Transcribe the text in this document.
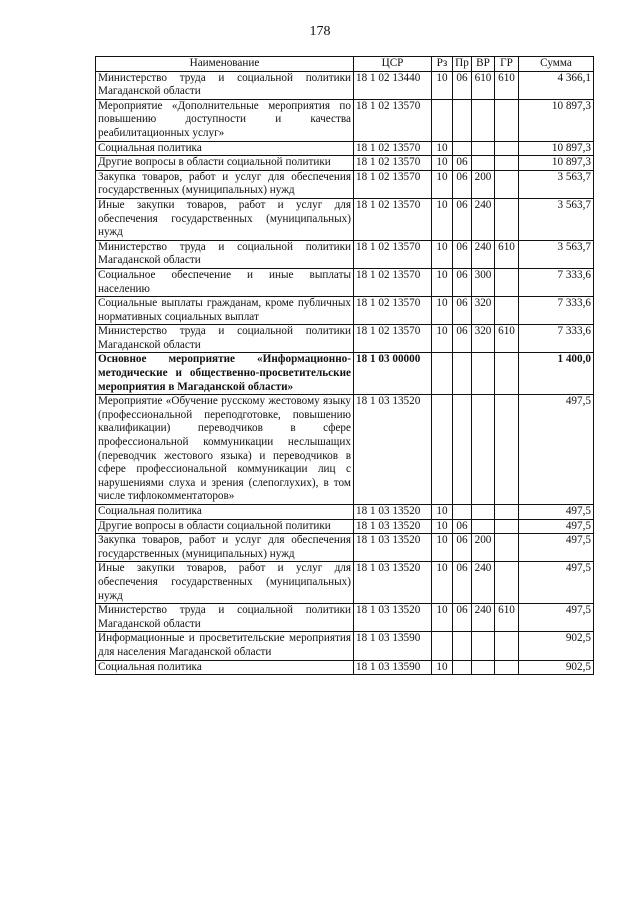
178
Наименование	ЦСР	Рз	Пр	ВР	ГР	Сумма
Министерство труда и социальной политики Магаданской области	18 1 02 13440	10	06	610	610	4 366,1
Мероприятие «Дополнительные мероприятия по повышению доступности и качества реабилитационных услуг»	18 1 02 13570					10 897,3
Социальная политика	18 1 02 13570	10				10 897,3
Другие вопросы в области социальной политики	18 1 02 13570	10	06			10 897,3
Закупка товаров, работ и услуг для обеспечения государственных (муниципальных) нужд	18 1 02 13570	10	06	200		3 563,7
Иные закупки товаров, работ и услуг для обеспечения государственных (муниципальных) нужд	18 1 02 13570	10	06	240		3 563,7
Министерство труда и социальной политики Магаданской области	18 1 02 13570	10	06	240	610	3 563,7
Социальное обеспечение и иные выплаты населению	18 1 02 13570	10	06	300		7 333,6
Социальные выплаты гражданам, кроме публичных нормативных социальных выплат	18 1 02 13570	10	06	320		7 333,6
Министерство труда и социальной политики Магаданской области	18 1 02 13570	10	06	320	610	7 333,6
Основное мероприятие «Информационно-методические и общественно-просветительские мероприятия в Магаданской области»	18 1 03 00000					1 400,0
Мероприятие «Обучение русскому жестовому языку (профессиональной переподготовке, повышению квалификации) переводчиков в сфере профессиональной коммуникации неслышащих (переводчик жестового языка) и переводчиков в сфере профессиональной коммуникации лиц с нарушениями слуха и зрения (слепоглухих), в том числе тифлокомментаторов»	18 1 03 13520					497,5
Социальная политика	18 1 03 13520	10				497,5
Другие вопросы в области социальной политики	18 1 03 13520	10	06			497,5
Закупка товаров, работ и услуг для обеспечения государственных (муниципальных) нужд	18 1 03 13520	10	06	200		497,5
Иные закупки товаров, работ и услуг для обеспечения государственных (муниципальных) нужд	18 1 03 13520	10	06	240		497,5
Министерство труда и социальной политики Магаданской области	18 1 03 13520	10	06	240	610	497,5
Информационные и просветительские мероприятия для населения Магаданской области	18 1 03 13590					902,5
Социальная политика	18 1 03 13590	10				902,5
